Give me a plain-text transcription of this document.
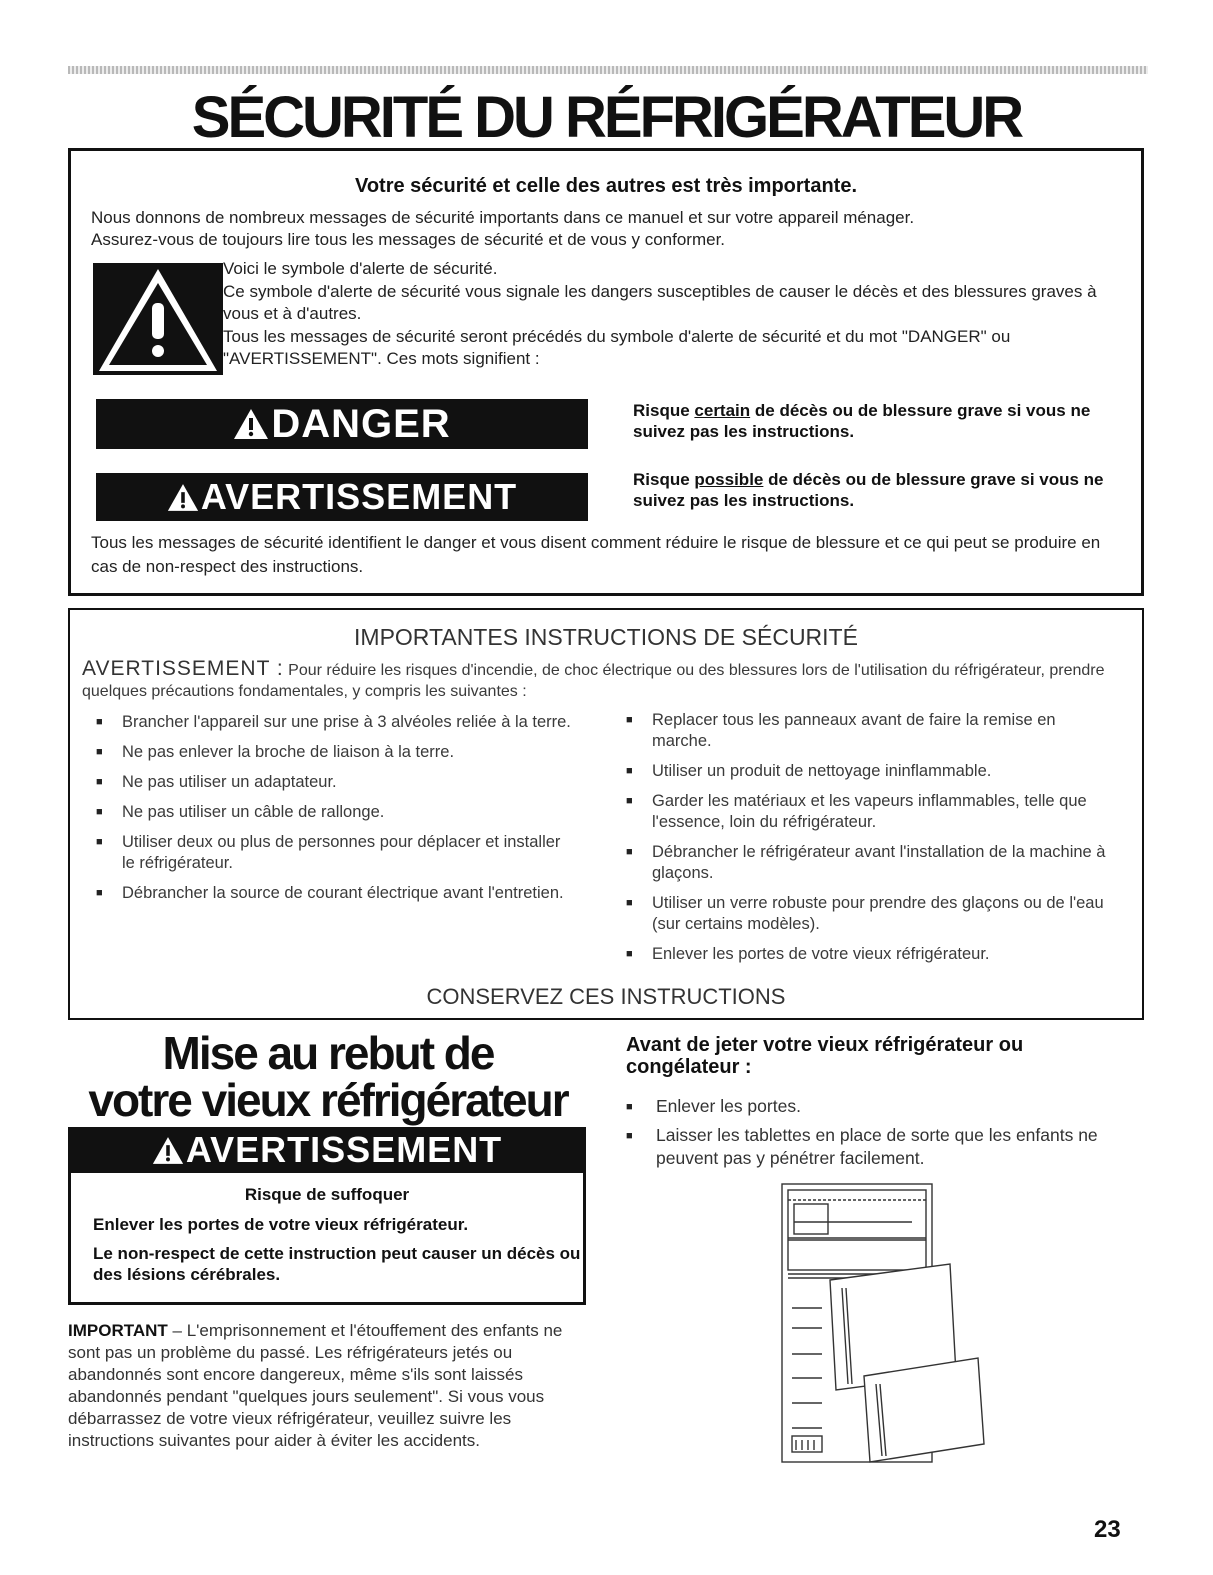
SÉCURITÉ DU RÉFRIGÉRATEUR
Votre sécurité et celle des autres est très importante.

Nous donnons de nombreux messages de sécurité importants dans ce manuel et sur votre appareil ménager.

Assurez-vous de toujours lire tous les messages de sécurité et de vous y conformer.

Voici le symbole d'alerte de sécurité.

Ce symbole d'alerte de sécurité vous signale les dangers susceptibles de causer le décès et des blessures graves à vous et à d'autres.

Tous les messages de sécurité seront précédés du symbole d'alerte de sécurité et du mot "DANGER" ou "AVERTISSEMENT". Ces mots signifient :

DANGER	Risque certain de décès ou de blessure grave si vous ne suivez pas les instructions.
AVERTISSEMENT	Risque possible de décès ou de blessure grave si vous ne suivez pas les instructions.

Tous les messages de sécurité identifient le danger et vous disent comment réduire le risque de blessure et ce qui peut se produire en cas de non-respect des instructions.

IMPORTANTES INSTRUCTIONS DE SÉCURITÉ

AVERTISSEMENT : Pour réduire les risques d'incendie, de choc électrique ou des blessures lors de l'utilisation du réfrigérateur, prendre quelques précautions fondamentales, y compris les suivantes :

■ Brancher l'appareil sur une prise à 3 alvéoles reliée à la terre.
■ Ne pas enlever la broche de liaison à la terre.
■ Ne pas utiliser un adaptateur.
■ Ne pas utiliser un câble de rallonge.
■ Utiliser deux ou plus de personnes pour déplacer et installer le réfrigérateur.
■ Débrancher la source de courant électrique avant l'entretien.
■ Replacer tous les panneaux avant de faire la remise en marche.
■ Utiliser un produit de nettoyage ininflammable.
■ Garder les matériaux et les vapeurs inflammables, telle que l'essence, loin du réfrigérateur.
■ Débrancher le réfrigérateur avant l'installation de la machine à glaçons.
■ Utiliser un verre robuste pour prendre des glaçons ou de l'eau (sur certains modèles).
■ Enlever les portes de votre vieux réfrigérateur.
CONSERVEZ CES INSTRUCTIONS
Mise au rebut de
votre vieux réfrigérateur
AVERTISSEMENT

Risque de suffoquer

Enlever les portes de votre vieux réfrigérateur.

Le non-respect de cette instruction peut causer un décès ou des lésions cérébrales.

IMPORTANT – L'emprisonnement et l'étouffement des enfants ne sont pas un problème du passé. Les réfrigérateurs jetés ou abandonnés sont encore dangereux, même s'ils sont laissés abandonnés pendant "quelques jours seulement". Si vous vous débarrassez de votre vieux réfrigérateur, veuillez suivre les instructions suivantes pour aider à éviter les accidents.

Avant de jeter votre vieux réfrigérateur ou congélateur :
■ Enlever les portes.
■ Laisser les tablettes en place de sorte que les enfants ne peuvent pas y pénétrer facilement.
23
